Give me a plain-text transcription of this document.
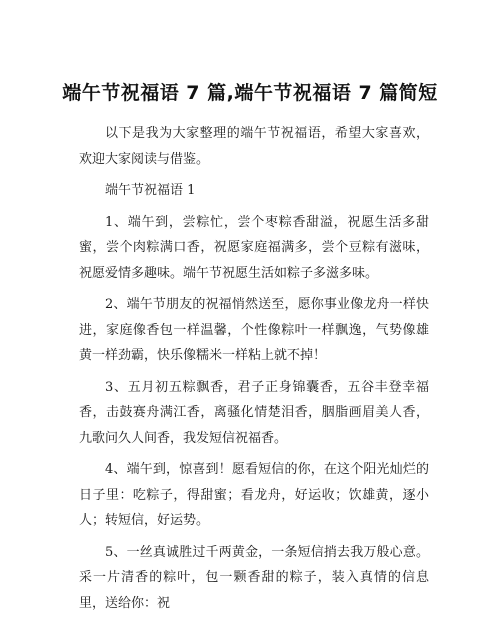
端午节祝福语 7 篇,端午节祝福语 7 篇简短

以下是我为大家整理的端午节祝福语，希望大家喜欢，欢迎大家阅读与借鉴。

端午节祝福语 1

1、端午到，尝粽忙，尝个枣粽香甜溢，祝愿生活多甜蜜，尝个肉粽满口香，祝愿家庭福满多，尝个豆粽有滋味，祝愿爱情多趣味。端午节祝愿生活如粽子多滋多味。

2、端午节朋友的祝福悄然送至，愿你事业像龙舟一样快进，家庭像香包一样温馨，个性像粽叶一样飘逸，气势像雄黄一样劲霸，快乐像糯米一样粘上就不掉！

3、五月初五粽飘香，君子正身锦囊香，五谷丰登幸福香，击鼓赛舟满江香，离骚化情楚泪香，胭脂画眉美人香，九歌问久人间香，我发短信祝福香。

4、端午到，惊喜到！愿看短信的你，在这个阳光灿烂的日子里：吃粽子，得甜蜜；看龙舟，好运收；饮雄黄，逐小人；转短信，好运势。

5、一丝真诚胜过千两黄金，一条短信捎去我万般心意。采一片清香的粽叶，包一颗香甜的粽子，装入真情的信息里，送给你：祝
